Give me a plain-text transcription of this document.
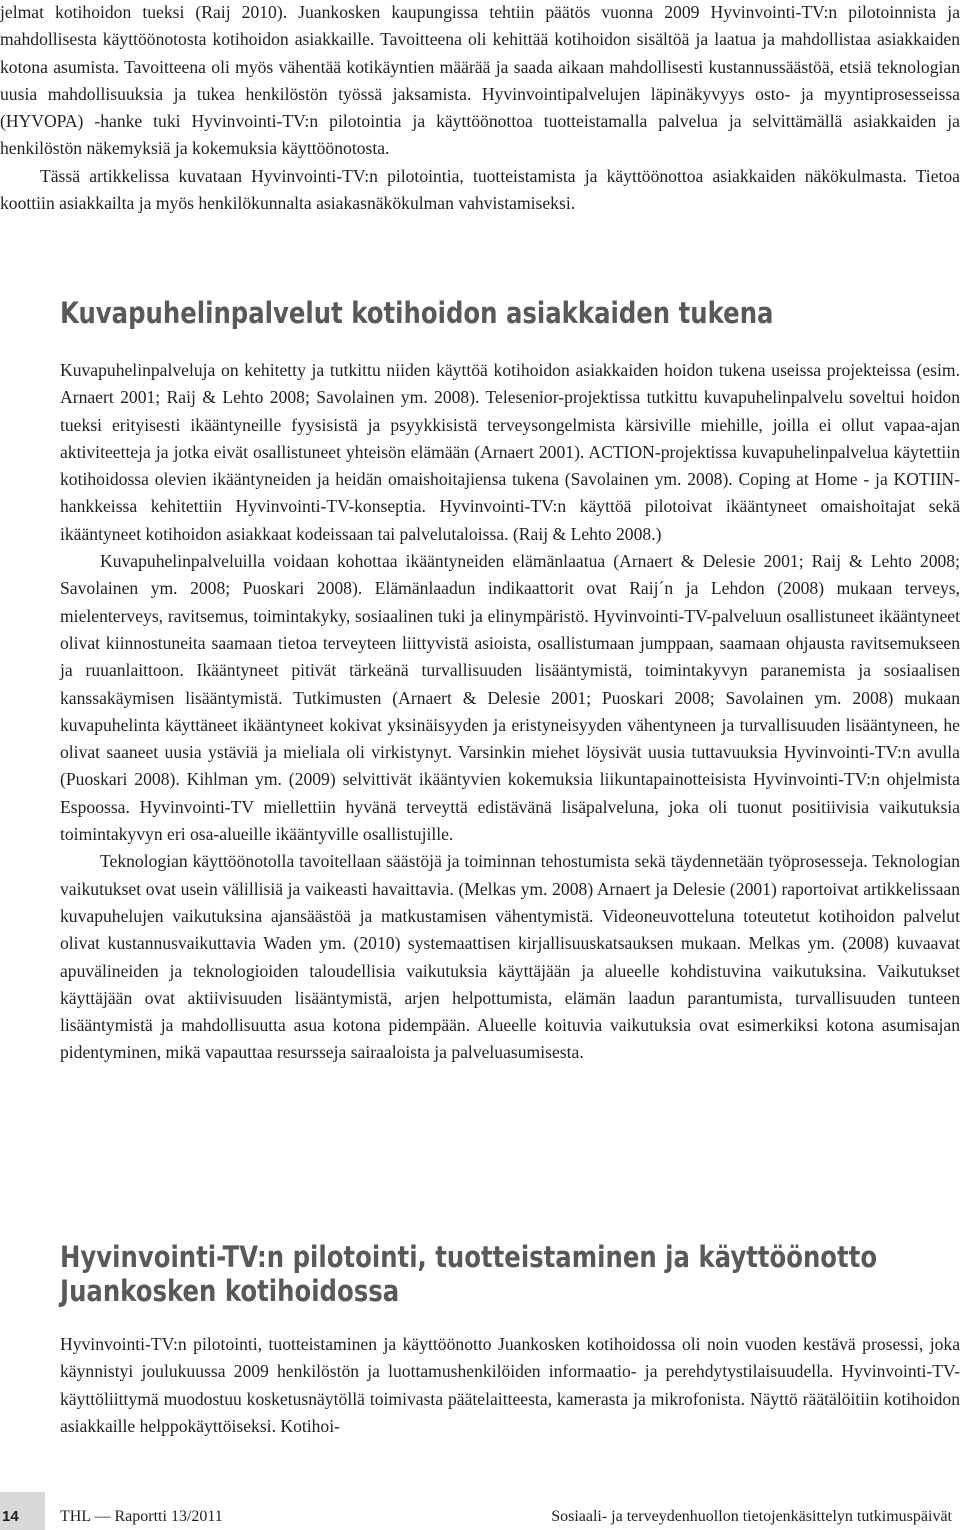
jelmat kotihoidon tueksi (Raij 2010). Juankosken kaupungissa tehtiin päätös vuonna 2009 Hyvinvointi-TV:n pilotoinnista ja mahdollisesta käyttöönotosta kotihoidon asiakkaille. Tavoitteena oli kehittää kotihoidon sisältöä ja laatua ja mahdollistaa asiakkaiden kotona asumista. Tavoitteena oli myös vähentää kotikäyntien määrää ja saada aikaan mahdollisesti kustannussäästöä, etsiä teknologian uusia mahdollisuuksia ja tukea henkilöstön työssä jaksamista. Hyvinvointipalvelujen läpinäkyvyys osto- ja myyntiprosesseissa (HYVOPA) -hanke tuki Hyvinvointi-TV:n pilotointia ja käyttöönottoa tuotteistamalla palvelua ja selvittämällä asiakkaiden ja henkilöstön näkemyksiä ja kokemuksia käyttöönotosta.

Tässä artikkelissa kuvataan Hyvinvointi-TV:n pilotointia, tuotteistamista ja käyttöönottoa asiakkaiden näkökulmasta. Tietoa koottiin asiakkailta ja myös henkilökunnalta asiakasnäkökulman vahvistamiseksi.

Kuvapuhelinpalvelut kotihoidon asiakkaiden tukena

Kuvapuhelinpalveluja on kehitetty ja tutkittu niiden käyttöä kotihoidon asiakkaiden hoidon tukena useissa projekteissa (esim. Arnaert 2001; Raij & Lehto 2008; Savolainen ym. 2008). Telesenior-projektissa tutkittu kuvapuhelinpalvelu soveltui hoidon tueksi erityisesti ikääntyneille fyysisistä ja psyykkisistä terveysongelmista kärsiville miehille, joilla ei ollut vapaa-ajan aktiviteetteja ja jotka eivät osallistuneet yhteisön elämään (Arnaert 2001). ACTION-projektissa kuvapuhelinpalvelua käytettiin kotihoidossa olevien ikääntyneiden ja heidän omaishoitajiensa tukena (Savolainen ym. 2008). Coping at Home - ja KOTIIN-hankkeissa kehitettiin Hyvinvointi-TV-konseptia. Hyvinvointi-TV:n käyttöä pilotoivat ikääntyneet omaishoitajat sekä ikääntyneet kotihoidon asiakkaat kodeissaan tai palvelutaloissa. (Raij & Lehto 2008.)

Kuvapuhelinpalveluilla voidaan kohottaa ikääntyneiden elämänlaatua (Arnaert & Delesie 2001; Raij & Lehto 2008; Savolainen ym. 2008; Puoskari 2008). Elämänlaadun indikaattorit ovat Raij´n ja Lehdon (2008) mukaan terveys, mielenterveys, ravitsemus, toimintakyky, sosiaalinen tuki ja elinympäristö. Hyvinvointi-TV-palveluun osallistuneet ikääntyneet olivat kiinnostuneita saamaan tietoa terveyteen liittyvistä asioista, osallistumaan jumppaan, saamaan ohjausta ravitsemukseen ja ruuanlaittoon. Ikääntyneet pitivät tärkeänä turvallisuuden lisääntymistä, toimintakyvyn paranemista ja sosiaalisen kanssakäymisen lisääntymistä. Tutkimusten (Arnaert & Delesie 2001; Puoskari 2008; Savolainen ym. 2008) mukaan kuvapuhelinta käyttäneet ikääntyneet kokivat yksinäisyyden ja eristyneisyyden vähentyneen ja turvallisuuden lisääntyneen, he olivat saaneet uusia ystäviä ja mieliala oli virkistynyt. Varsinkin miehet löysivät uusia tuttavuuksia Hyvinvointi-TV:n avulla (Puoskari 2008). Kihlman ym. (2009) selvittivät ikääntyvien kokemuksia liikuntapainotteisista Hyvinvointi-TV:n ohjelmista Espoossa. Hyvinvointi-TV miellettiin hyvänä terveyttä edistävänä lisäpalveluna, joka oli tuonut positiivisia vaikutuksia toimintakyvyn eri osa-alueille ikääntyville osallistujille.

Teknologian käyttöönotolla tavoitellaan säästöjä ja toiminnan tehostumista sekä täydennetään työprosesseja. Teknologian vaikutukset ovat usein välillisiä ja vaikeasti havaittavia. (Melkas ym. 2008) Arnaert ja Delesie (2001) raportoivat artikkelissaan kuvapuhelujen vaikutuksina ajansäästöä ja matkustamisen vähentymistä. Videoneuvotteluna toteutetut kotihoidon palvelut olivat kustannusvaikuttavia Waden ym. (2010) systemaattisen kirjallisuuskatsauksen mukaan. Melkas ym. (2008) kuvaavat apuvälineiden ja teknologioiden taloudellisia vaikutuksia käyttäjään ja alueelle kohdistuvina vaikutuksina. Vaikutukset käyttäjään ovat aktiivisuuden lisääntymistä, arjen helpottumista, elämän laadun parantumista, turvallisuuden tunteen lisääntymistä ja mahdollisuutta asua kotona pidempään. Alueelle koituvia vaikutuksia ovat esimerkiksi kotona asumisajan pidentyminen, mikä vapauttaa resursseja sairaaloista ja palveluasumisesta.

Hyvinvointi-TV:n pilotointi, tuotteistaminen ja käyttöönotto
Juankosken kotihoidossa

Hyvinvointi-TV:n pilotointi, tuotteistaminen ja käyttöönotto Juankosken kotihoidossa oli noin vuoden kestävä prosessi, joka käynnistyi joulukuussa 2009 henkilöstön ja luottamushenkilöiden informaatio- ja perehdytystilaisuudella. Hyvinvointi-TV-käyttöliittymä muodostuu kosketusnäytöllä toimivasta päätelaitteesta, kamerasta ja mikrofonista. Näyttö räätälöitiin kotihoidon asiakkaille helppokäyttöiseksi. Kotihoi-

14	THL — Raportti 13/2011	Sosiaali- ja terveydenhuollon tietojenkäsittelyn tutkimuspäivät
